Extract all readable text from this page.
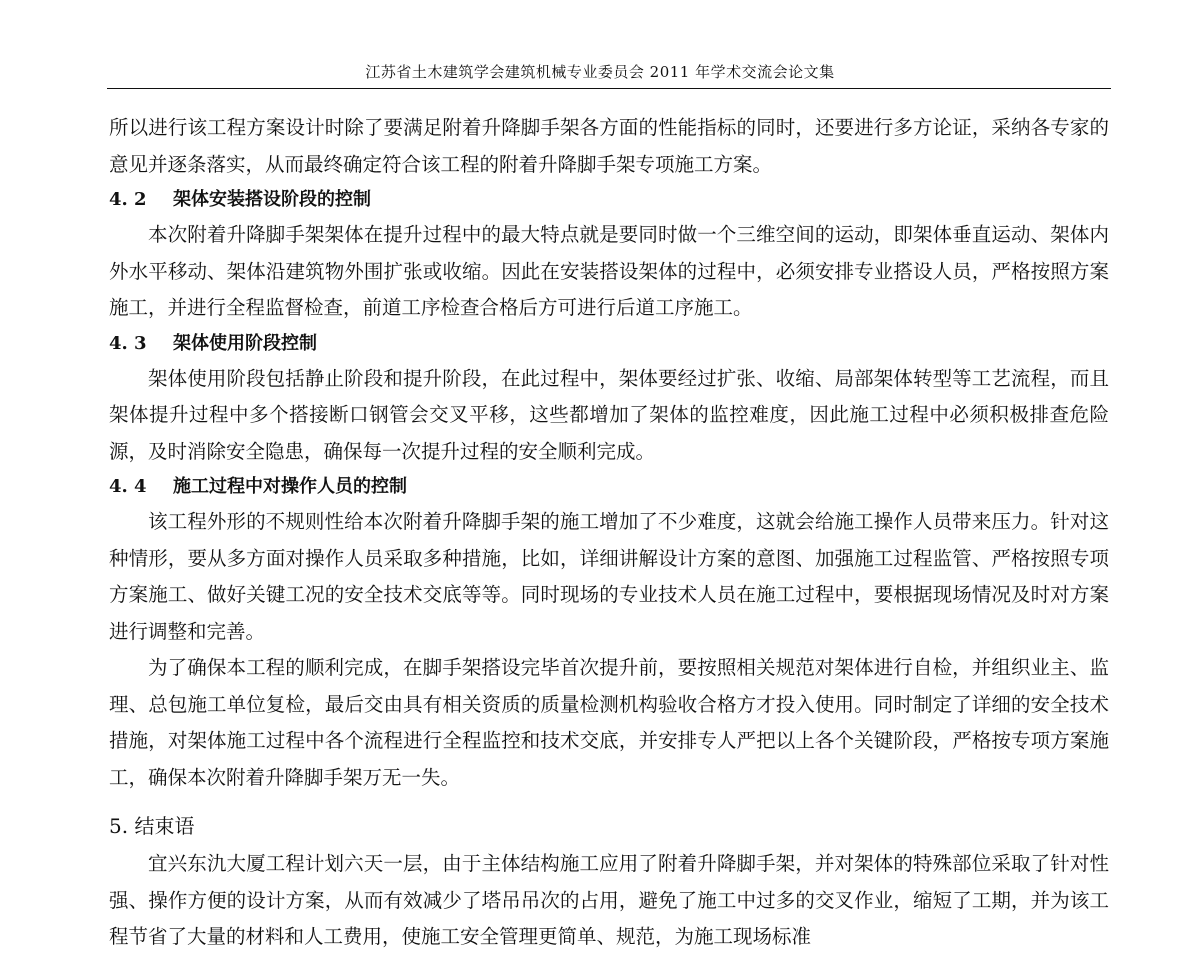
江苏省土木建筑学会建筑机械专业委员会 2011 年学术交流会论文集

所以进行该工程方案设计时除了要满足附着升降脚手架各方面的性能指标的同时，还要进行多方论证，采纳各专家的意见并逐条落实，从而最终确定符合该工程的附着升降脚手架专项施工方案。

4. 2 架体安装搭设阶段的控制

本次附着升降脚手架架体在提升过程中的最大特点就是要同时做一个三维空间的运动，即架体垂直运动、架体内外水平移动、架体沿建筑物外围扩张或收缩。因此在安装搭设架体的过程中，必须安排专业搭设人员，严格按照方案施工，并进行全程监督检查，前道工序检查合格后方可进行后道工序施工。

4. 3 架体使用阶段控制

架体使用阶段包括静止阶段和提升阶段，在此过程中，架体要经过扩张、收缩、局部架体转型等工艺流程，而且架体提升过程中多个搭接断口钢管会交叉平移，这些都增加了架体的监控难度，因此施工过程中必须积极排查危险源，及时消除安全隐患，确保每一次提升过程的安全顺利完成。

4. 4 施工过程中对操作人员的控制

该工程外形的不规则性给本次附着升降脚手架的施工增加了不少难度，这就会给施工操作人员带来压力。针对这种情形，要从多方面对操作人员采取多种措施，比如，详细讲解设计方案的意图、加强施工过程监管、严格按照专项方案施工、做好关键工况的安全技术交底等等。同时现场的专业技术人员在施工过程中，要根据现场情况及时对方案进行调整和完善。

为了确保本工程的顺利完成，在脚手架搭设完毕首次提升前，要按照相关规范对架体进行自检，并组织业主、监理、总包施工单位复检，最后交由具有相关资质的质量检测机构验收合格方才投入使用。同时制定了详细的安全技术措施，对架体施工过程中各个流程进行全程监控和技术交底，并安排专人严把以上各个关键阶段，严格按专项方案施工，确保本次附着升降脚手架万无一失。

5. 结束语

宜兴东氿大厦工程计划六天一层，由于主体结构施工应用了附着升降脚手架，并对架体的特殊部位采取了针对性强、操作方便的设计方案，从而有效减少了塔吊吊次的占用，避免了施工中过多的交叉作业，缩短了工期，并为该工程节省了大量的材料和人工费用，使施工安全管理更简单、规范，为施工现场标准
